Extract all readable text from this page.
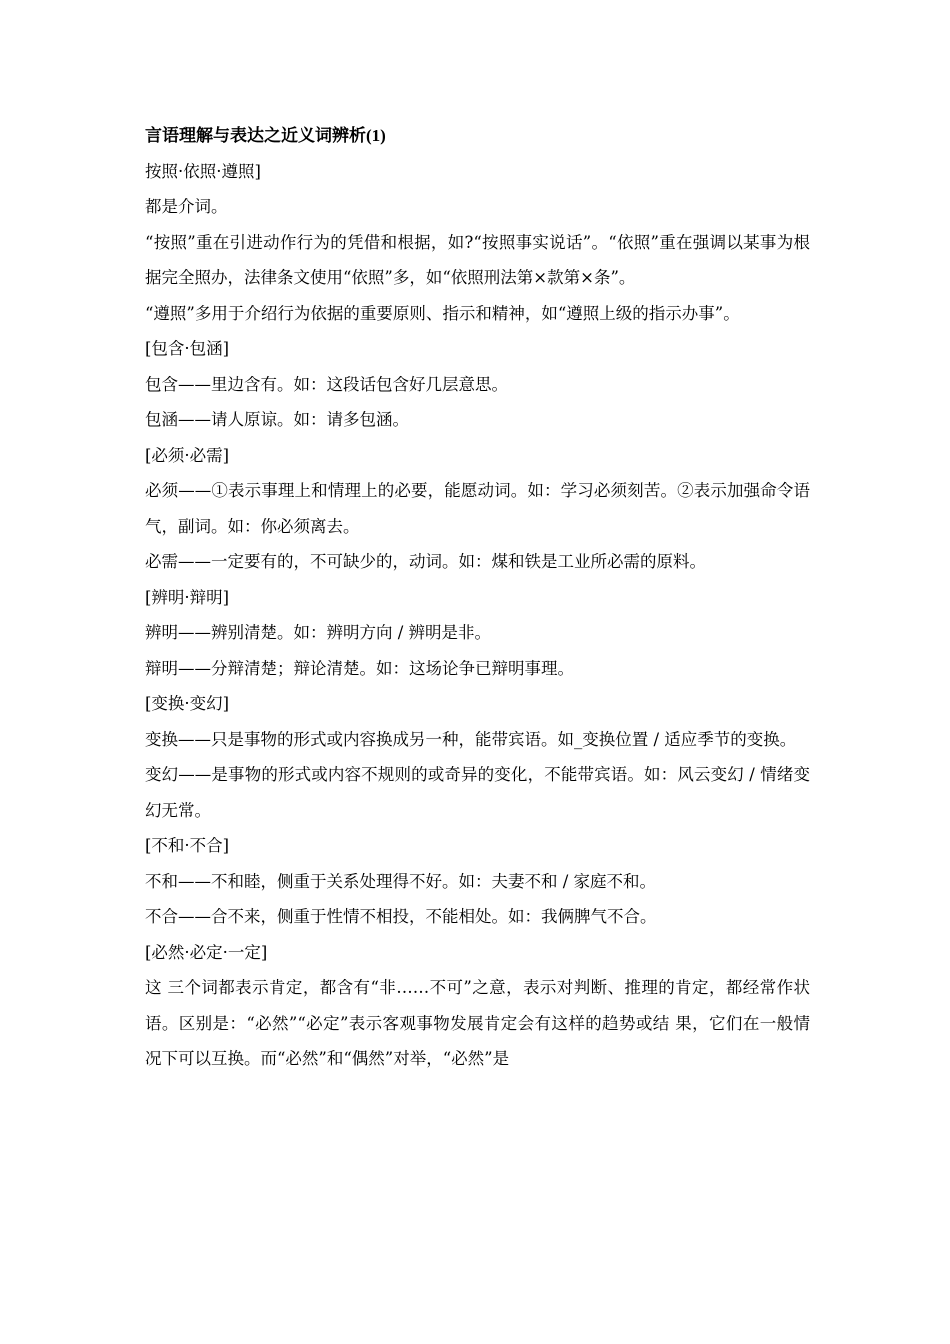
言语理解与表达之近义词辨析(1)

按照·依照·遵照]

都是介词。

“按照”重在引进动作行为的凭借和根据，如?“按照事实说话”。“依照”重在强调以某事为根据完全照办，法律条文使用“依照”多，如“依照刑法第×款第×条”。

“遵照”多用于介绍行为依据的重要原则、指示和精神，如“遵照上级的指示办事”。

[包含·包涵]

包含——里边含有。如：这段话包含好几层意思。

包涵——请人原谅。如：请多包涵。

[必须·必需]

必须——①表示事理上和情理上的必要，能愿动词。如：学习必须刻苦。②表示加强命令语气，副词。如：你必须离去。

必需——一定要有的，不可缺少的，动词。如：煤和铁是工业所必需的原料。

[辨明·辩明]

辨明——辨别清楚。如：辨明方向 / 辨明是非。

辩明——分辩清楚；辩论清楚。如：这场论争已辩明事理。

[变换·变幻]

变换——只是事物的形式或内容换成另一种，能带宾语。如_变换位置 / 适应季节的变换。

变幻——是事物的形式或内容不规则的或奇异的变化，不能带宾语。如：风云变幻 / 情绪变幻无常。

[不和·不合]

不和——不和睦，侧重于关系处理得不好。如：夫妻不和 / 家庭不和。

不合——合不来，侧重于性情不相投，不能相处。如：我俩脾气不合。

[必然·必定·一定]

这 三个词都表示肯定，都含有“非……不可”之意，表示对判断、推理的肯定，都经常作状语。区别是：“必然”“必定”表示客观事物发展肯定会有这样的趋势或结 果，它们在一般情况下可以互换。而“必然”和“偶然”对举，“必然”是
